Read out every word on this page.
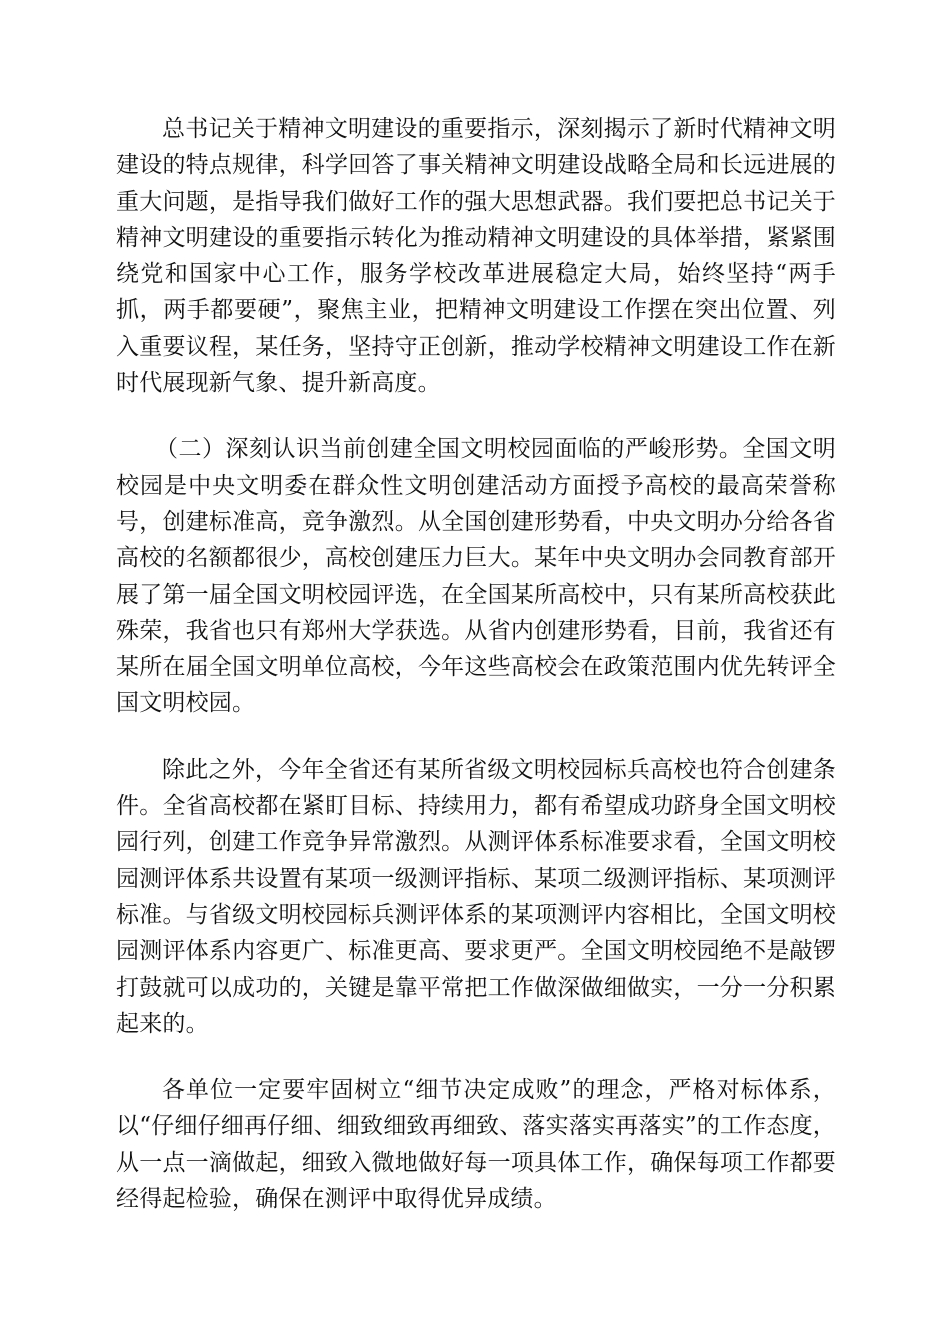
总书记关于精神文明建设的重要指示，深刻揭示了新时代精神文明建设的特点规律，科学回答了事关精神文明建设战略全局和长远进展的重大问题，是指导我们做好工作的强大思想武器。我们要把总书记关于精神文明建设的重要指示转化为推动精神文明建设的具体举措，紧紧围绕党和国家中心工作，服务学校改革进展稳定大局，始终坚持“两手抓，两手都要硬”，聚焦主业，把精神文明建设工作摆在突出位置、列入重要议程，某任务，坚持守正创新，推动学校精神文明建设工作在新时代展现新气象、提升新高度。

（二）深刻认识当前创建全国文明校园面临的严峻形势。全国文明校园是中央文明委在群众性文明创建活动方面授予高校的最高荣誉称号，创建标准高，竞争激烈。从全国创建形势看，中央文明办分给各省高校的名额都很少，高校创建压力巨大。某年中央文明办会同教育部开展了第一届全国文明校园评选，在全国某所高校中，只有某所高校获此殊荣，我省也只有郑州大学获选。从省内创建形势看，目前，我省还有某所在届全国文明单位高校，今年这些高校会在政策范围内优先转评全国文明校园。

除此之外，今年全省还有某所省级文明校园标兵高校也符合创建条件。全省高校都在紧盯目标、持续用力，都有希望成功跻身全国文明校园行列，创建工作竞争异常激烈。从测评体系标准要求看，全国文明校园测评体系共设置有某项一级测评指标、某项二级测评指标、某项测评标准。与省级文明校园标兵测评体系的某项测评内容相比，全国文明校园测评体系内容更广、标准更高、要求更严。全国文明校园绝不是敲锣打鼓就可以成功的，关键是靠平常把工作做深做细做实，一分一分积累起来的。

各单位一定要牢固树立“细节决定成败”的理念，严格对标体系，以“仔细仔细再仔细、细致细致再细致、落实落实再落实”的工作态度，从一点一滴做起，细致入微地做好每一项具体工作，确保每项工作都要经得起检验，确保在测评中取得优异成绩。
